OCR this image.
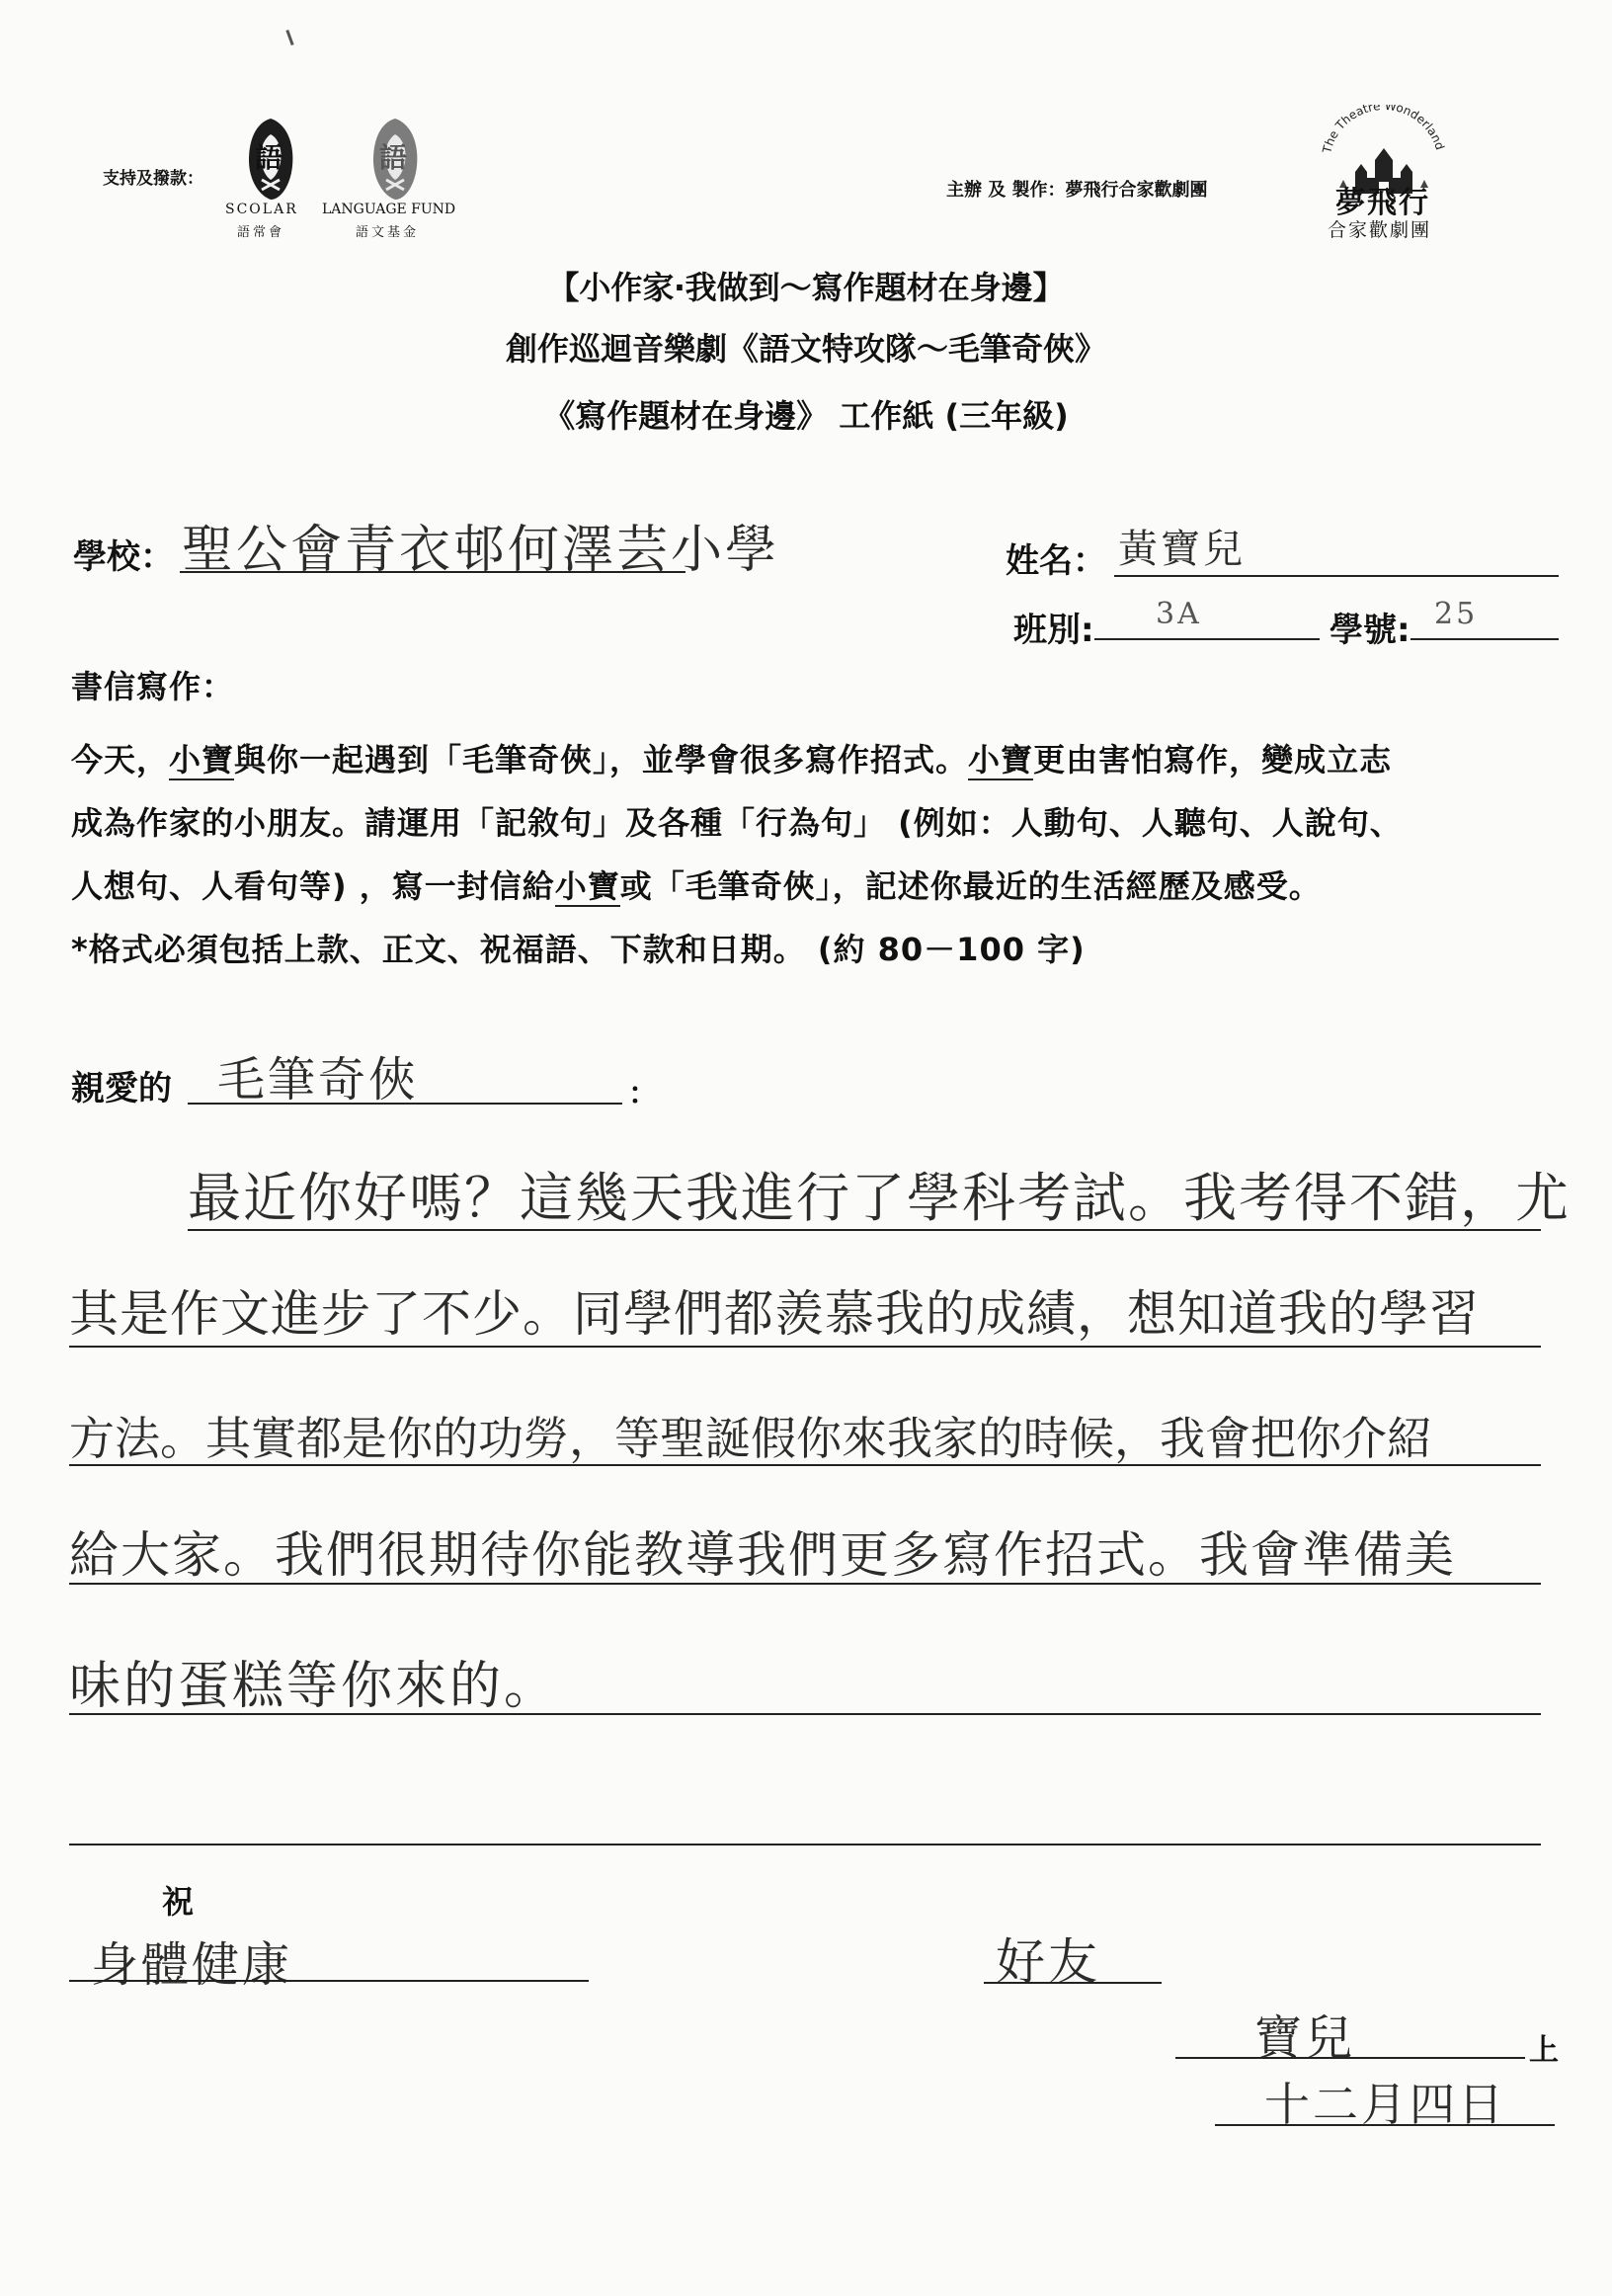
支持及撥款：
語
SCOLAR
語常會
語
LANGUAGE FUND
語文基金
主辦 及 製作：夢飛行合家歡劇團
The Theatre Wonderland
夢飛行
合家歡劇團
【小作家‧我做到～寫作題材在身邊】
創作巡迴音樂劇《語文特攻隊～毛筆奇俠》
《寫作題材在身邊》 工作紙 (三年級)
學校： 聖公會青衣邨何澤芸小學	姓名： 黃寶兒
班別: 3A	學號: 25
書信寫作：
今天，小寶與你一起遇到「毛筆奇俠」，並學會很多寫作招式。小寶更由害怕寫作，變成立志
成為作家的小朋友。請運用「記敘句」及各種「行為句」 (例如：人動句、人聽句、人說句、
人想句、人看句等) ，寫一封信給小寶或「毛筆奇俠」，記述你最近的生活經歷及感受。
*格式必須包括上款、正文、祝福語、下款和日期。 (約 80－100 字)
親愛的 毛筆奇俠	：
最近你好嗎？這幾天我進行了學科考試。我考得不錯，尤
其是作文進步了不少。同學們都羨慕我的成績，想知道我的學習
方法。其實都是你的功勞，等聖誕假你來我家的時候，我會把你介紹
給大家。我們很期待你能教導我們更多寫作招式。我會準備美
味的蛋糕等你來的。
祝
身體健康	好友
寶兒	上
十二月四日
